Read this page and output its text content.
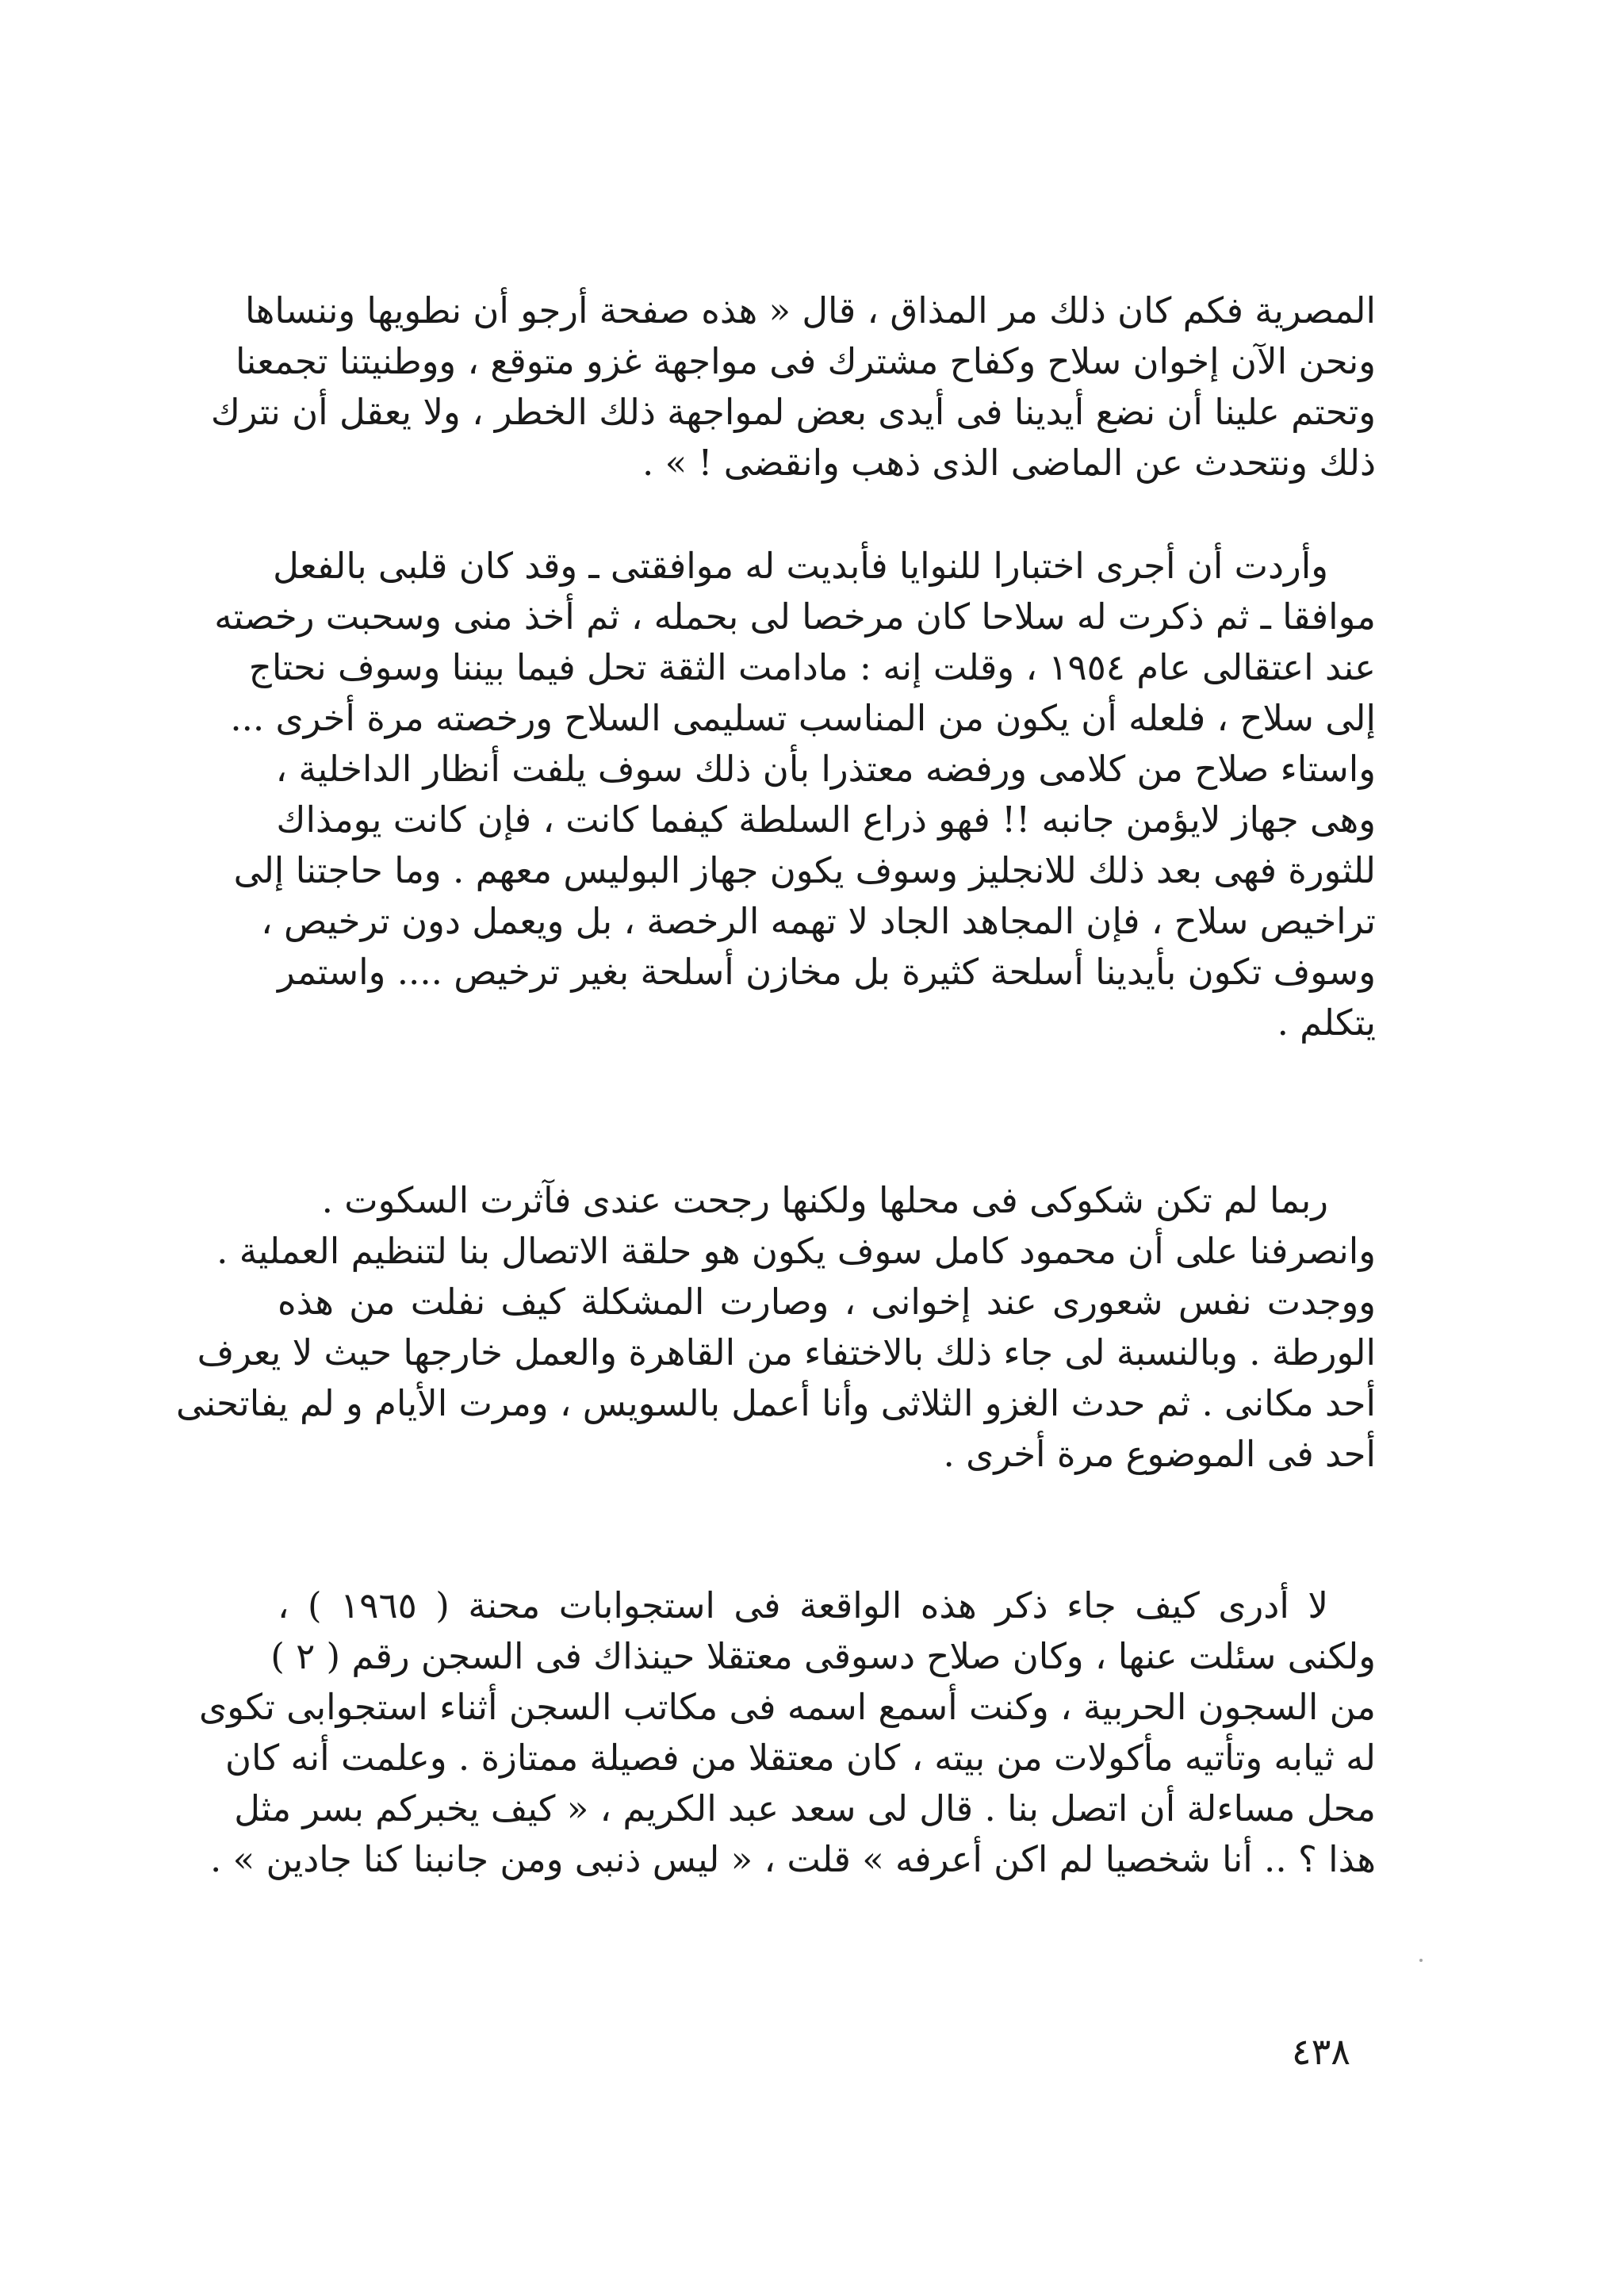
المصرية فكم كان ذلك مر المذاق ، قال « هذه صفحة أرجو أن نطويها وننساها
ونحن الآن إخوان سلاح وكفاح مشترك فى مواجهة غزو متوقع ، ووطنيتنا تجمعنا
وتحتم علينا أن نضع أيدينا فى أيدى بعض لمواجهة ذلك الخطر ، ولا يعقل أن نترك
ذلك ونتحدث عن الماضى الذى ذهب وانقضى ! » .
وأردت أن أجرى اختبارا للنوايا فأبديت له موافقتى ـ وقد كان قلبى بالفعل
موافقا ـ ثم ذكرت له سلاحا كان مرخصا لى بحمله ، ثم أخذ منى وسحبت رخصته
عند اعتقالى عام ١٩٥٤ ، وقلت إنه : مادامت الثقة تحل فيما بيننا وسوف نحتاج
إلى سلاح ، فلعله أن يكون من المناسب تسليمى السلاح ورخصته مرة أخرى ...
واستاء صلاح من كلامى ورفضه معتذرا بأن ذلك سوف يلفت أنظار الداخلية ،
وهى جهاز لايؤمن جانبه !! فهو ذراع السلطة كيفما كانت ، فإن كانت يومذاك
للثورة فهى بعد ذلك للانجليز وسوف يكون جهاز البوليس معهم . وما حاجتنا إلى
تراخيص سلاح ، فإن المجاهد الجاد لا تهمه الرخصة ، بل ويعمل دون ترخيص ،
وسوف تكون بأيدينا أسلحة كثيرة بل مخازن أسلحة بغير ترخيص .... واستمر
يتكلم .
ربما لم تكن شكوكى فى محلها ولكنها رجحت عندى فآثرت السكوت .
وانصرفنا على أن محمود كامل سوف يكون هو حلقة الاتصال بنا لتنظيم العملية .
ووجدت نفس شعورى عند إخوانى ، وصارت المشكلة كيف نفلت من هذه
الورطة . وبالنسبة لى جاء ذلك بالاختفاء من القاهرة والعمل خارجها حيث لا يعرف
أحد مكانى . ثم حدث الغزو الثلاثى وأنا أعمل بالسويس ، ومرت الأيام و لم يفاتحنى
أحد فى الموضوع مرة أخرى .
لا أدرى كيف جاء ذكر هذه الواقعة فى استجوابات محنة ( ١٩٦٥ ) ،
ولكنى سئلت عنها ، وكان صلاح دسوقى معتقلا حينذاك فى السجن رقم ( ٢ )
من السجون الحربية ، وكنت أسمع اسمه فى مكاتب السجن أثناء استجوابى تكوى
له ثيابه وتأتيه مأكولات من بيته ، كان معتقلا من فصيلة ممتازة . وعلمت أنه كان
محل مساءلة أن اتصل بنا . قال لى سعد عبد الكريم ، « كيف يخبركم بسر مثل
هذا ؟ .. أنا شخصيا لم اكن أعرفه » قلت ، « ليس ذنبى ومن جانبنا كنا جادين » .
٤٣٨
